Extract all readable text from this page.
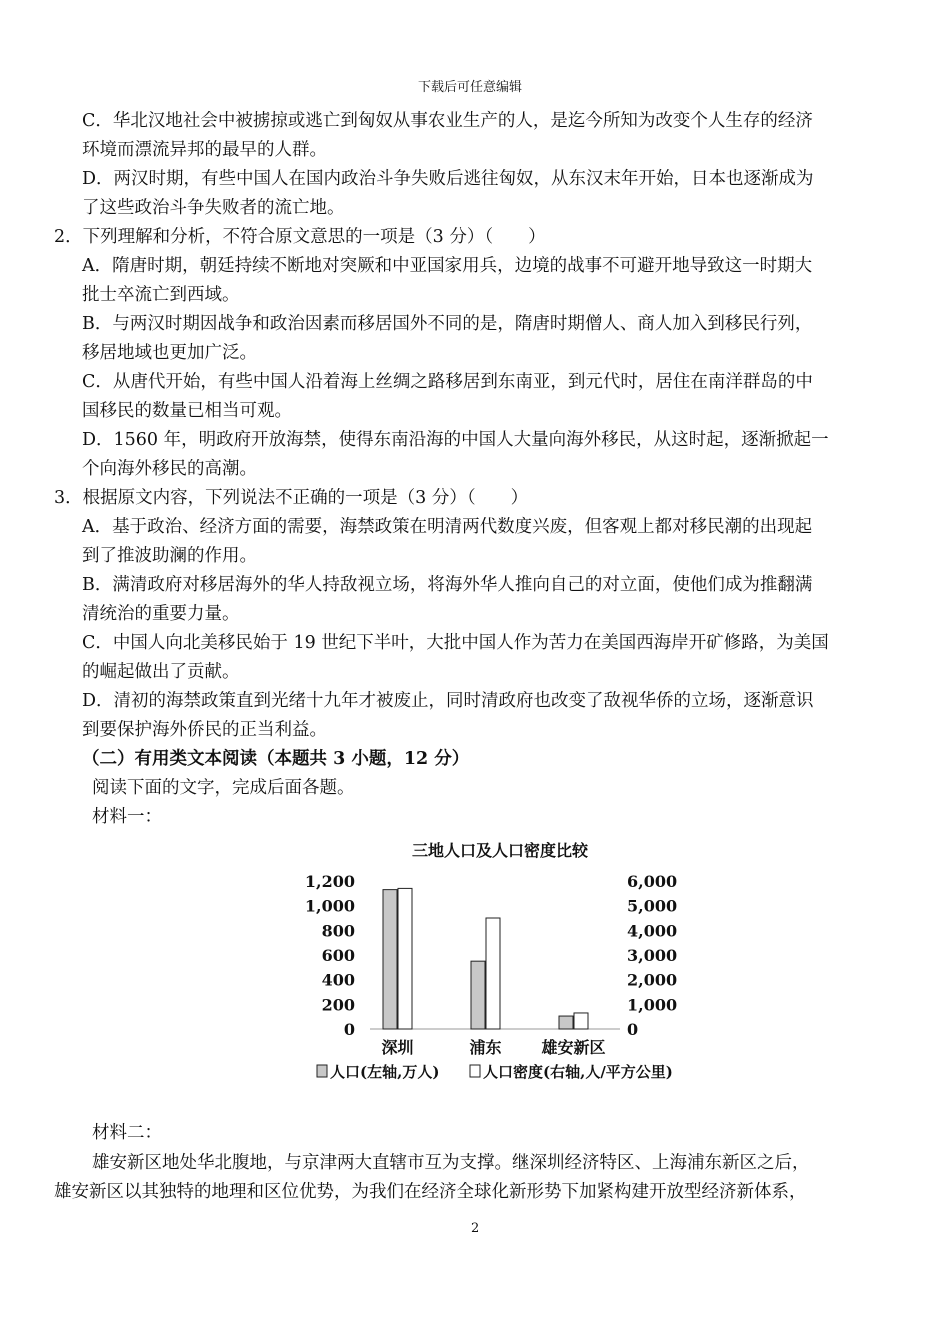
下载后可任意编辑
C．华北汉地社会中被掳掠或逃亡到匈奴从事农业生产的人，是迄今所知为改变个人生存的经济
环境而漂流异邦的最早的人群。
D．两汉时期，有些中国人在国内政治斗争失败后逃往匈奴，从东汉末年开始，日本也逐渐成为
了这些政治斗争失败者的流亡地。
2．下列理解和分析，不符合原文意思的一项是（3 分）（　　）
A．隋唐时期，朝廷持续不断地对突厥和中亚国家用兵，边境的战事不可避开地导致这一时期大
批士卒流亡到西域。
B．与两汉时期因战争和政治因素而移居国外不同的是，隋唐时期僧人、商人加入到移民行列，
移居地域也更加广泛。
C．从唐代开始，有些中国人沿着海上丝绸之路移居到东南亚，到元代时，居住在南洋群岛的中
国移民的数量已相当可观。
D．1560 年，明政府开放海禁，使得东南沿海的中国人大量向海外移民，从这时起，逐渐掀起一
个向海外移民的高潮。
3．根据原文内容，下列说法不正确的一项是（3 分）（　　）
A．基于政治、经济方面的需要，海禁政策在明清两代数度兴废，但客观上都对移民潮的出现起
到了推波助澜的作用。
B．满清政府对移居海外的华人持敌视立场，将海外华人推向自己的对立面，使他们成为推翻满
清统治的重要力量。
C．中国人向北美移民始于 19 世纪下半叶，大批中国人作为苦力在美国西海岸开矿修路，为美国
的崛起做出了贡献。
D．清初的海禁政策直到光绪十九年才被废止，同时清政府也改变了敌视华侨的立场，逐渐意识
到要保护海外侨民的正当利益。
（二）有用类文本阅读（本题共 3 小题，12 分）
阅读下面的文字，完成后面各题。
材料一：
三地人口及人口密度比较
1,200
1,000
800
600
400
200
0
6,000
5,000
4,000
3,000
2,000
1,000
0
深圳	浦东 雄安新区
人口(左轴,万人)	人口密度(右轴,人/平方公里)
材料二：
雄安新区地处华北腹地，与京津两大直辖市互为支撑。继深圳经济特区、上海浦东新区之后，
雄安新区以其独特的地理和区位优势，为我们在经济全球化新形势下加紧构建开放型经济新体系，
2
